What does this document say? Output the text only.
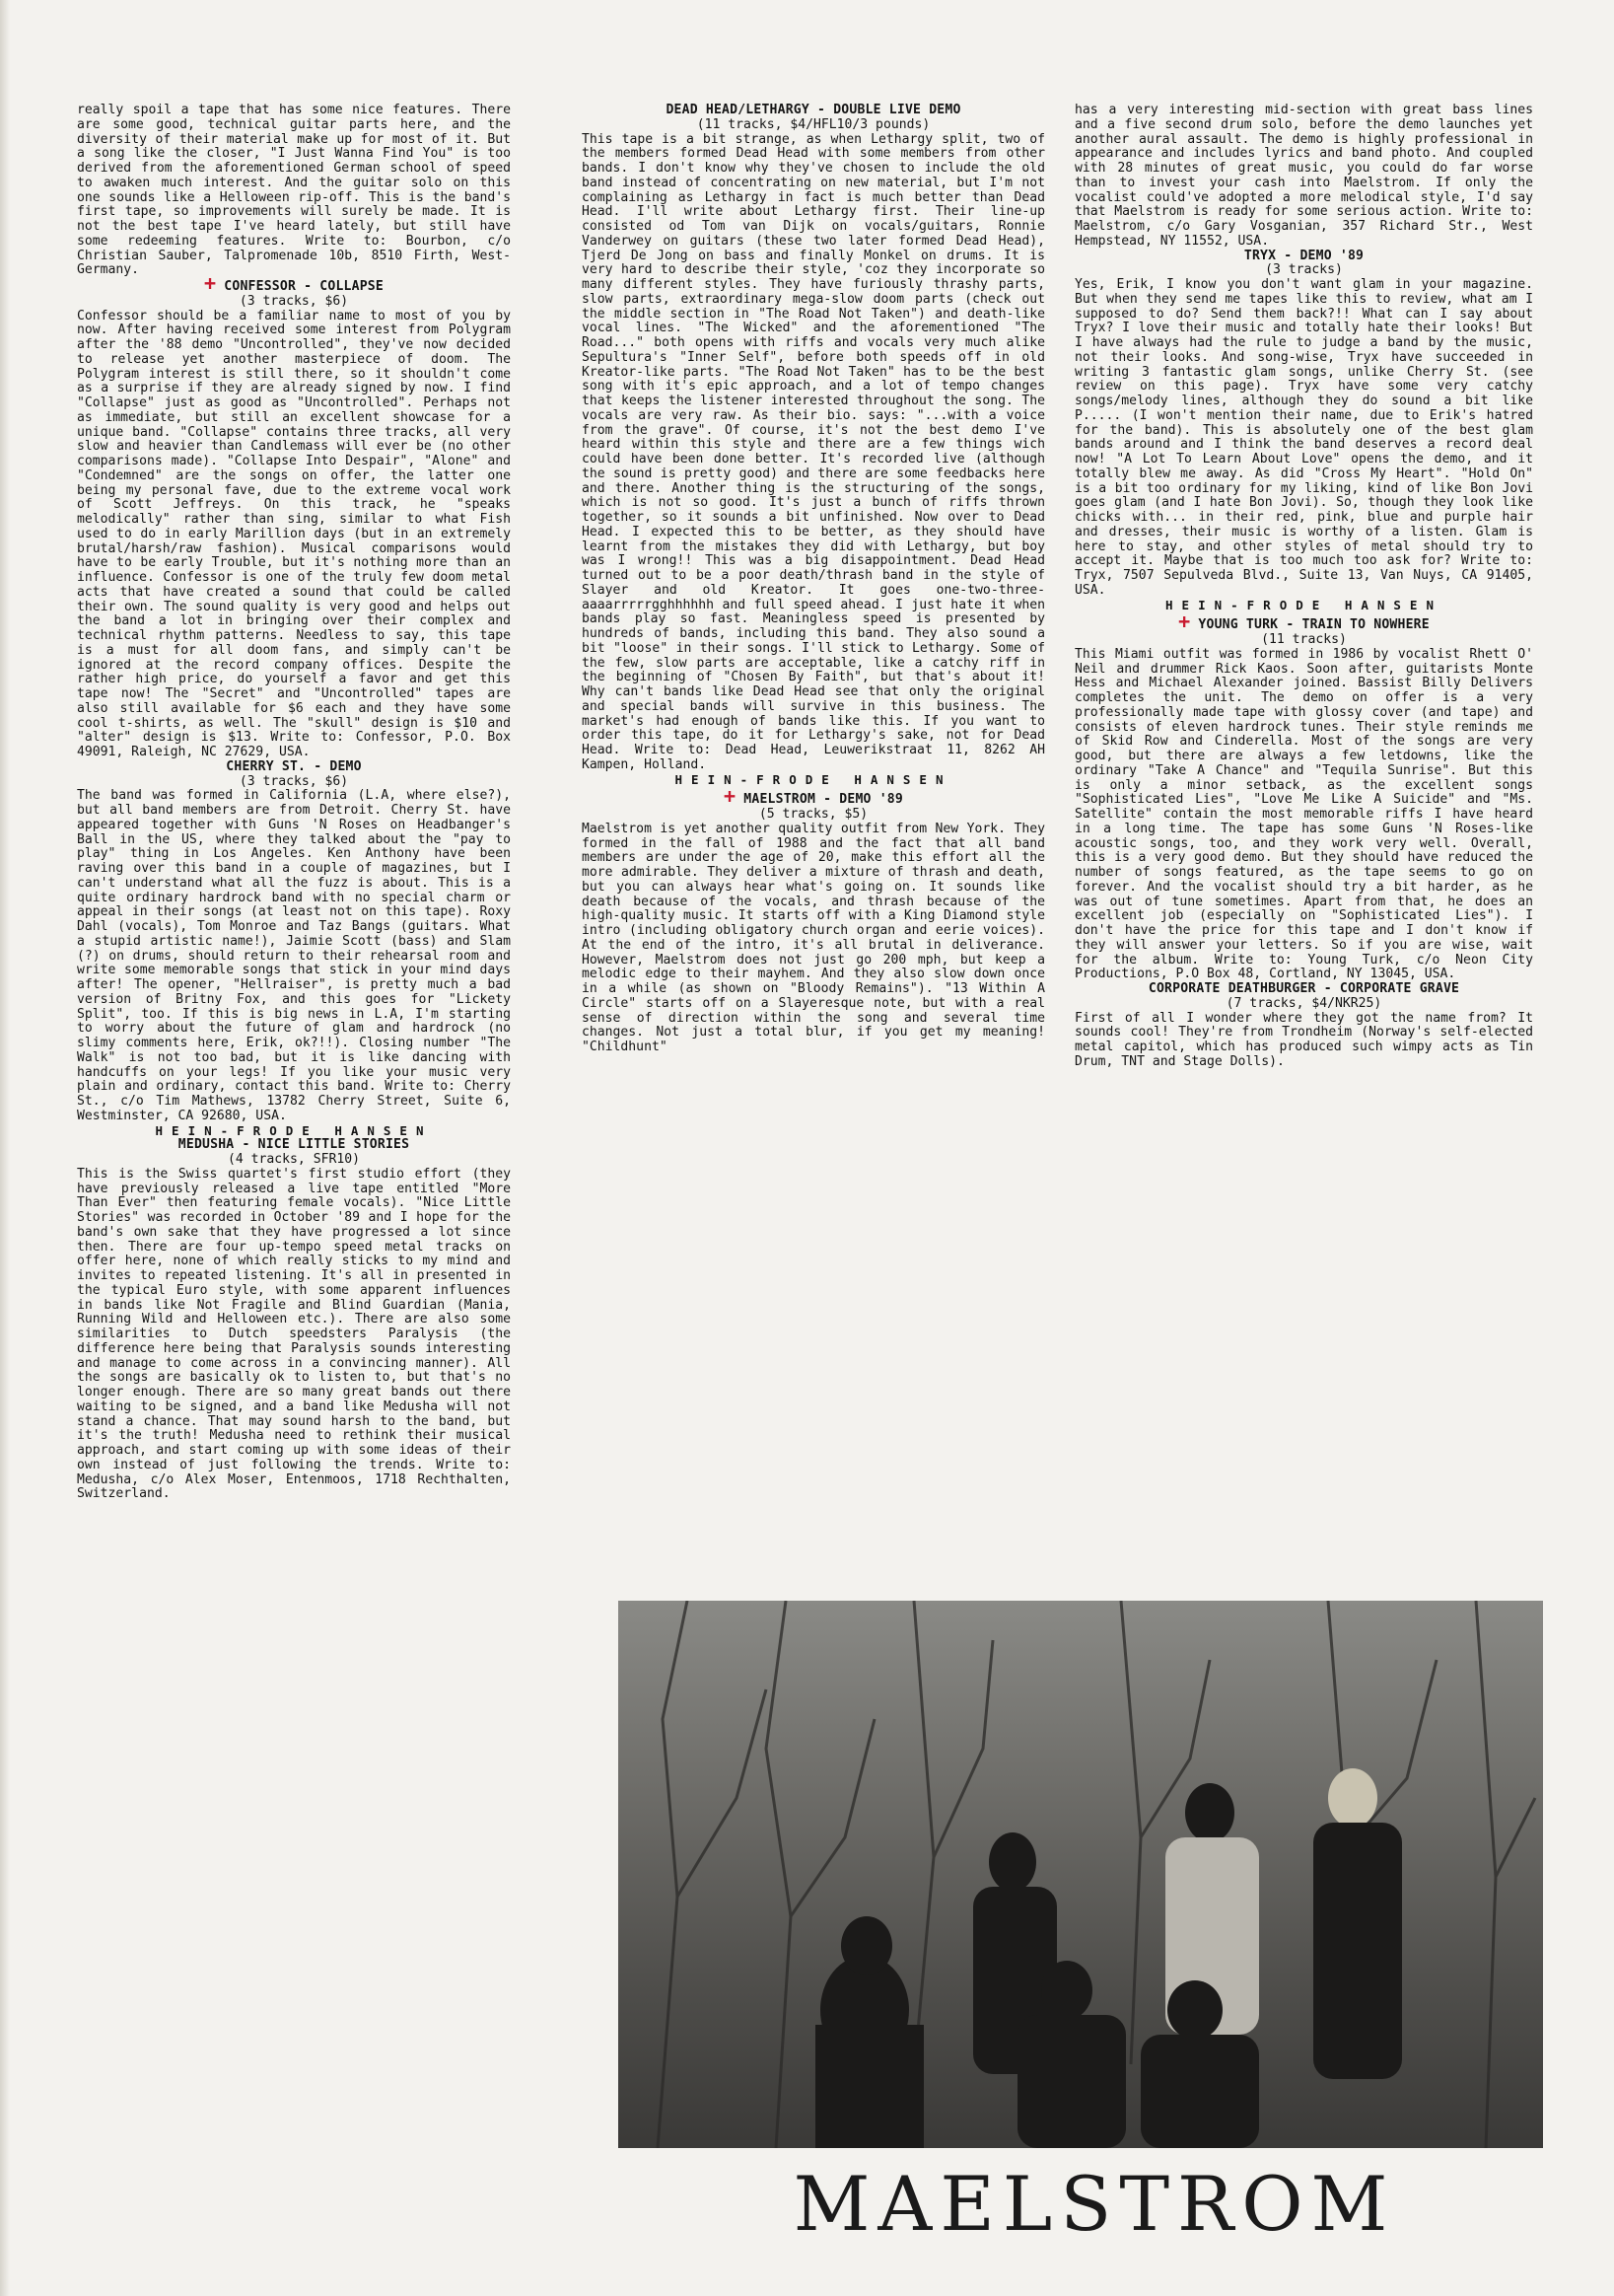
really spoil a tape that has some nice features. There are some good, technical guitar parts here, and the diversity of their material make up for most of it. But a song like the closer, "I Just Wanna Find You" is too derived from the aforementioned German school of speed to awaken much interest. And the guitar solo on this one sounds like a Helloween rip-off. This is the band's first tape, so improvements will surely be made. It is not the best tape I've heard lately, but still have some redeeming features. Write to: Bourbon, c/o Christian Sauber, Talpromenade 10b, 8510 Firth, West-Germany.

+ CONFESSOR - COLLAPSE

(3 tracks, $6)

Confessor should be a familiar name to most of you by now. After having received some interest from Polygram after the '88 demo "Uncontrolled", they've now decided to release yet another masterpiece of doom. The Polygram interest is still there, so it shouldn't come as a surprise if they are already signed by now. I find "Collapse" just as good as "Uncontrolled". Perhaps not as immediate, but still an excellent showcase for a unique band. "Collapse" contains three tracks, all very slow and heavier than Candlemass will ever be (no other comparisons made). "Collapse Into Despair", "Alone" and "Condemned" are the songs on offer, the latter one being my personal fave, due to the extreme vocal work of Scott Jeffreys. On this track, he "speaks melodically" rather than sing, similar to what Fish used to do in early Marillion days (but in an extremely brutal/harsh/raw fashion). Musical comparisons would have to be early Trouble, but it's nothing more than an influence. Confessor is one of the truly few doom metal acts that have created a sound that could be called their own. The sound quality is very good and helps out the band a lot in bringing over their complex and technical rhythm patterns. Needless to say, this tape is a must for all doom fans, and simply can't be ignored at the record company offices. Despite the rather high price, do yourself a favor and get this tape now! The "Secret" and "Uncontrolled" tapes are also still available for $6 each and they have some cool t-shirts, as well. The "skull" design is $10 and "alter" design is $13. Write to: Confessor, P.O. Box 49091, Raleigh, NC 27629, USA.

CHERRY ST. - DEMO

(3 tracks, $6)

The band was formed in California (L.A, where else?), but all band members are from Detroit. Cherry St. have appeared together with Guns 'N Roses on Headbanger's Ball in the US, where they talked about the "pay to play" thing in Los Angeles. Ken Anthony have been raving over this band in a couple of magazines, but I can't understand what all the fuzz is about. This is a quite ordinary hardrock band with no special charm or appeal in their songs (at least not on this tape). Roxy Dahl (vocals), Tom Monroe and Taz Bangs (guitars. What a stupid artistic name!), Jaimie Scott (bass) and Slam (?) on drums, should return to their rehearsal room and write some memorable songs that stick in your mind days after! The opener, "Hellraiser", is pretty much a bad version of Britny Fox, and this goes for "Lickety Split", too. If this is big news in L.A, I'm starting to worry about the future of glam and hardrock (no slimy comments here, Erik, ok?!!). Closing number "The Walk" is not too bad, but it is like dancing with handcuffs on your legs! If you like your music very plain and ordinary, contact this band. Write to: Cherry St., c/o Tim Mathews, 13782 Cherry Street, Suite 6, Westminster, CA 92680, USA.

HEIN-FRODE HANSEN

MEDUSHA - NICE LITTLE STORIES

(4 tracks, SFR10)

This is the Swiss quartet's first studio effort (they have previously released a live tape entitled "More Than Ever" then featuring female vocals). "Nice Little Stories" was recorded in October '89 and I hope for the band's own sake that they have progressed a lot since then. There are four up-tempo speed metal tracks on offer here, none of which really sticks to my mind and invites to repeated listening. It's all in presented in the typical Euro style, with some apparent influences in bands like Not Fragile and Blind Guardian (Mania, Running Wild and Helloween etc.). There are also some similarities to Dutch speedsters Paralysis (the difference here being that Paralysis sounds interesting and manage to come across in a convincing manner). All the songs are basically ok to listen to, but that's no longer enough. There are so many great bands out there waiting to be signed, and a band like Medusha will not stand a chance. That may sound harsh to the band, but it's the truth! Medusha need to rethink their musical approach, and start coming up with some ideas of their own instead of just following the trends. Write to: Medusha, c/o Alex Moser, Entenmoos, 1718 Rechthalten, Switzerland.

DEAD HEAD/LETHARGY - DOUBLE LIVE DEMO

(11 tracks, $4/HFL10/3 pounds)

This tape is a bit strange, as when Lethargy split, two of the members formed Dead Head with some members from other bands. I don't know why they've chosen to include the old band instead of concentrating on new material, but I'm not complaining as Lethargy in fact is much better than Dead Head. I'll write about Lethargy first. Their line-up consisted od Tom van Dijk on vocals/guitars, Ronnie Vanderwey on guitars (these two later formed Dead Head), Tjerd De Jong on bass and finally Monkel on drums. It is very hard to describe their style, 'coz they incorporate so many different styles. They have furiously thrashy parts, slow parts, extraordinary mega-slow doom parts (check out the middle section in "The Road Not Taken") and death-like vocal lines. "The Wicked" and the aforementioned "The Road..." both opens with riffs and vocals very much alike Sepultura's "Inner Self", before both speeds off in old Kreator-like parts. "The Road Not Taken" has to be the best song with it's epic approach, and a lot of tempo changes that keeps the listener interested throughout the song. The vocals are very raw. As their bio. says: "...with a voice from the grave". Of course, it's not the best demo I've heard within this style and there are a few things wich could have been done better. It's recorded live (although the sound is pretty good) and there are some feedbacks here and there. Another thing is the structuring of the songs, which is not so good. It's just a bunch of riffs thrown together, so it sounds a bit unfinished. Now over to Dead Head. I expected this to be better, as they should have learnt from the mistakes they did with Lethargy, but boy was I wrong!! This was a big disappointment. Dead Head turned out to be a poor death/thrash band in the style of Slayer and old Kreator. It goes one-two-three-aaaarrrrrgghhhhhh and full speed ahead. I just hate it when bands play so fast. Meaningless speed is presented by hundreds of bands, including this band. They also sound a bit "loose" in their songs. I'll stick to Lethargy. Some of the few, slow parts are acceptable, like a catchy riff in the beginning of "Chosen By Faith", but that's about it! Why can't bands like Dead Head see that only the original and special bands will survive in this business. The market's had enough of bands like this. If you want to order this tape, do it for Lethargy's sake, not for Dead Head. Write to: Dead Head, Leuwerikstraat 11, 8262 AH Kampen, Holland.

HEIN-FRODE HANSEN

+ MAELSTROM - DEMO '89

(5 tracks, $5)

Maelstrom is yet another quality outfit from New York. They formed in the fall of 1988 and the fact that all band members are under the age of 20, make this effort all the more admirable. They deliver a mixture of thrash and death, but you can always hear what's going on. It sounds like death because of the vocals, and thrash because of the high-quality music. It starts off with a King Diamond style intro (including obligatory church organ and eerie voices). At the end of the intro, it's all brutal in deliverance. However, Maelstrom does not just go 200 mph, but keep a melodic edge to their mayhem. And they also slow down once in a while (as shown on "Bloody Remains"). "13 Within A Circle" starts off on a Slayeresque note, but with a real sense of direction within the song and several time changes. Not just a total blur, if you get my meaning! "Childhunt"

has a very interesting mid-section with great bass lines and a five second drum solo, before the demo launches yet another aural assault. The demo is highly professional in appearance and includes lyrics and band photo. And coupled with 28 minutes of great music, you could do far worse than to invest your cash into Maelstrom. If only the vocalist could've adopted a more melodical style, I'd say that Maelstrom is ready for some serious action. Write to: Maelstrom, c/o Gary Vosganian, 357 Richard Str., West Hempstead, NY 11552, USA.

TRYX - DEMO '89

(3 tracks)

Yes, Erik, I know you don't want glam in your magazine. But when they send me tapes like this to review, what am I supposed to do? Send them back?!! What can I say about Tryx? I love their music and totally hate their looks! But I have always had the rule to judge a band by the music, not their looks. And song-wise, Tryx have succeeded in writing 3 fantastic glam songs, unlike Cherry St. (see review on this page). Tryx have some very catchy songs/melody lines, although they do sound a bit like P..... (I won't mention their name, due to Erik's hatred for the band). This is absolutely one of the best glam bands around and I think the band deserves a record deal now! "A Lot To Learn About Love" opens the demo, and it totally blew me away. As did "Cross My Heart". "Hold On" is a bit too ordinary for my liking, kind of like Bon Jovi goes glam (and I hate Bon Jovi). So, though they look like chicks with... in their red, pink, blue and purple hair and dresses, their music is worthy of a listen. Glam is here to stay, and other styles of metal should try to accept it. Maybe that is too much too ask for? Write to: Tryx, 7507 Sepulveda Blvd., Suite 13, Van Nuys, CA 91405, USA.

HEIN-FRODE HANSEN

+ YOUNG TURK - TRAIN TO NOWHERE

(11 tracks)

This Miami outfit was formed in 1986 by vocalist Rhett O' Neil and drummer Rick Kaos. Soon after, guitarists Monte Hess and Michael Alexander joined. Bassist Billy Delivers completes the unit. The demo on offer is a very professionally made tape with glossy cover (and tape) and consists of eleven hardrock tunes. Their style reminds me of Skid Row and Cinderella. Most of the songs are very good, but there are always a few letdowns, like the ordinary "Take A Chance" and "Tequila Sunrise". But this is only a minor setback, as the excellent songs "Sophisticated Lies", "Love Me Like A Suicide" and "Ms. Satellite" contain the most memorable riffs I have heard in a long time. The tape has some Guns 'N Roses-like acoustic songs, too, and they work very well. Overall, this is a very good demo. But they should have reduced the number of songs featured, as the tape seems to go on forever. And the vocalist should try a bit harder, as he was out of tune sometimes. Apart from that, he does an excellent job (especially on "Sophisticated Lies"). I don't have the price for this tape and I don't know if they will answer your letters. So if you are wise, wait for the album. Write to: Young Turk, c/o Neon City Productions, P.O Box 48, Cortland, NY 13045, USA.

CORPORATE DEATHBURGER - CORPORATE GRAVE

(7 tracks, $4/NKR25)

First of all I wonder where they got the name from? It sounds cool! They're from Trondheim (Norway's self-elected metal capitol, which has produced such wimpy acts as Tin Drum, TNT and Stage Dolls).

MAELSTROM
